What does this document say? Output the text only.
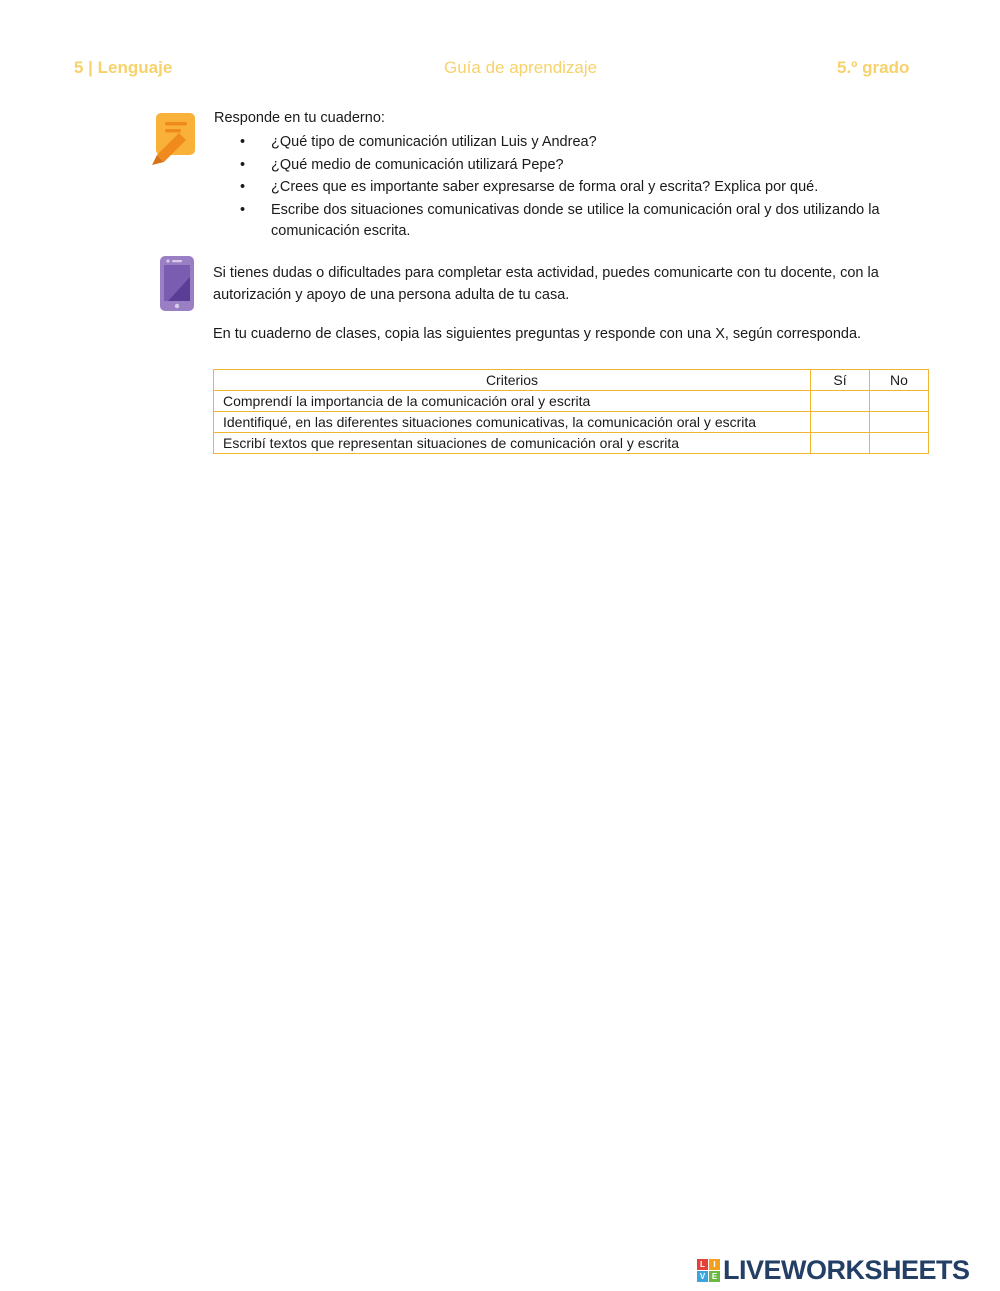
5 | Lenguaje	Guía de aprendizaje	5.º grado
Responde en tu cuaderno:
• ¿Qué tipo de comunicación utilizan Luis y Andrea?
• ¿Qué medio de comunicación utilizará Pepe?
• ¿Crees que es importante saber expresarse de forma oral y escrita? Explica por qué.
• Escribe dos situaciones comunicativas donde se utilice la comunicación oral y dos utilizando la comunicación escrita.
Si tienes dudas o dificultades para completar esta actividad, puedes comunicarte con tu docente, con la autorización y apoyo de una persona adulta de tu casa.
En tu cuaderno de clases, copia las siguientes preguntas y responde con una X, según corresponda.
Criterios	Sí	No
Comprendí la importancia de la comunicación oral y escrita		
Identifiqué, en las diferentes situaciones comunicativas, la comunicación oral y escrita		
Escribí textos que representan situaciones de comunicación oral y escrita		
L	I
V E LIVEWORKSHEETS
